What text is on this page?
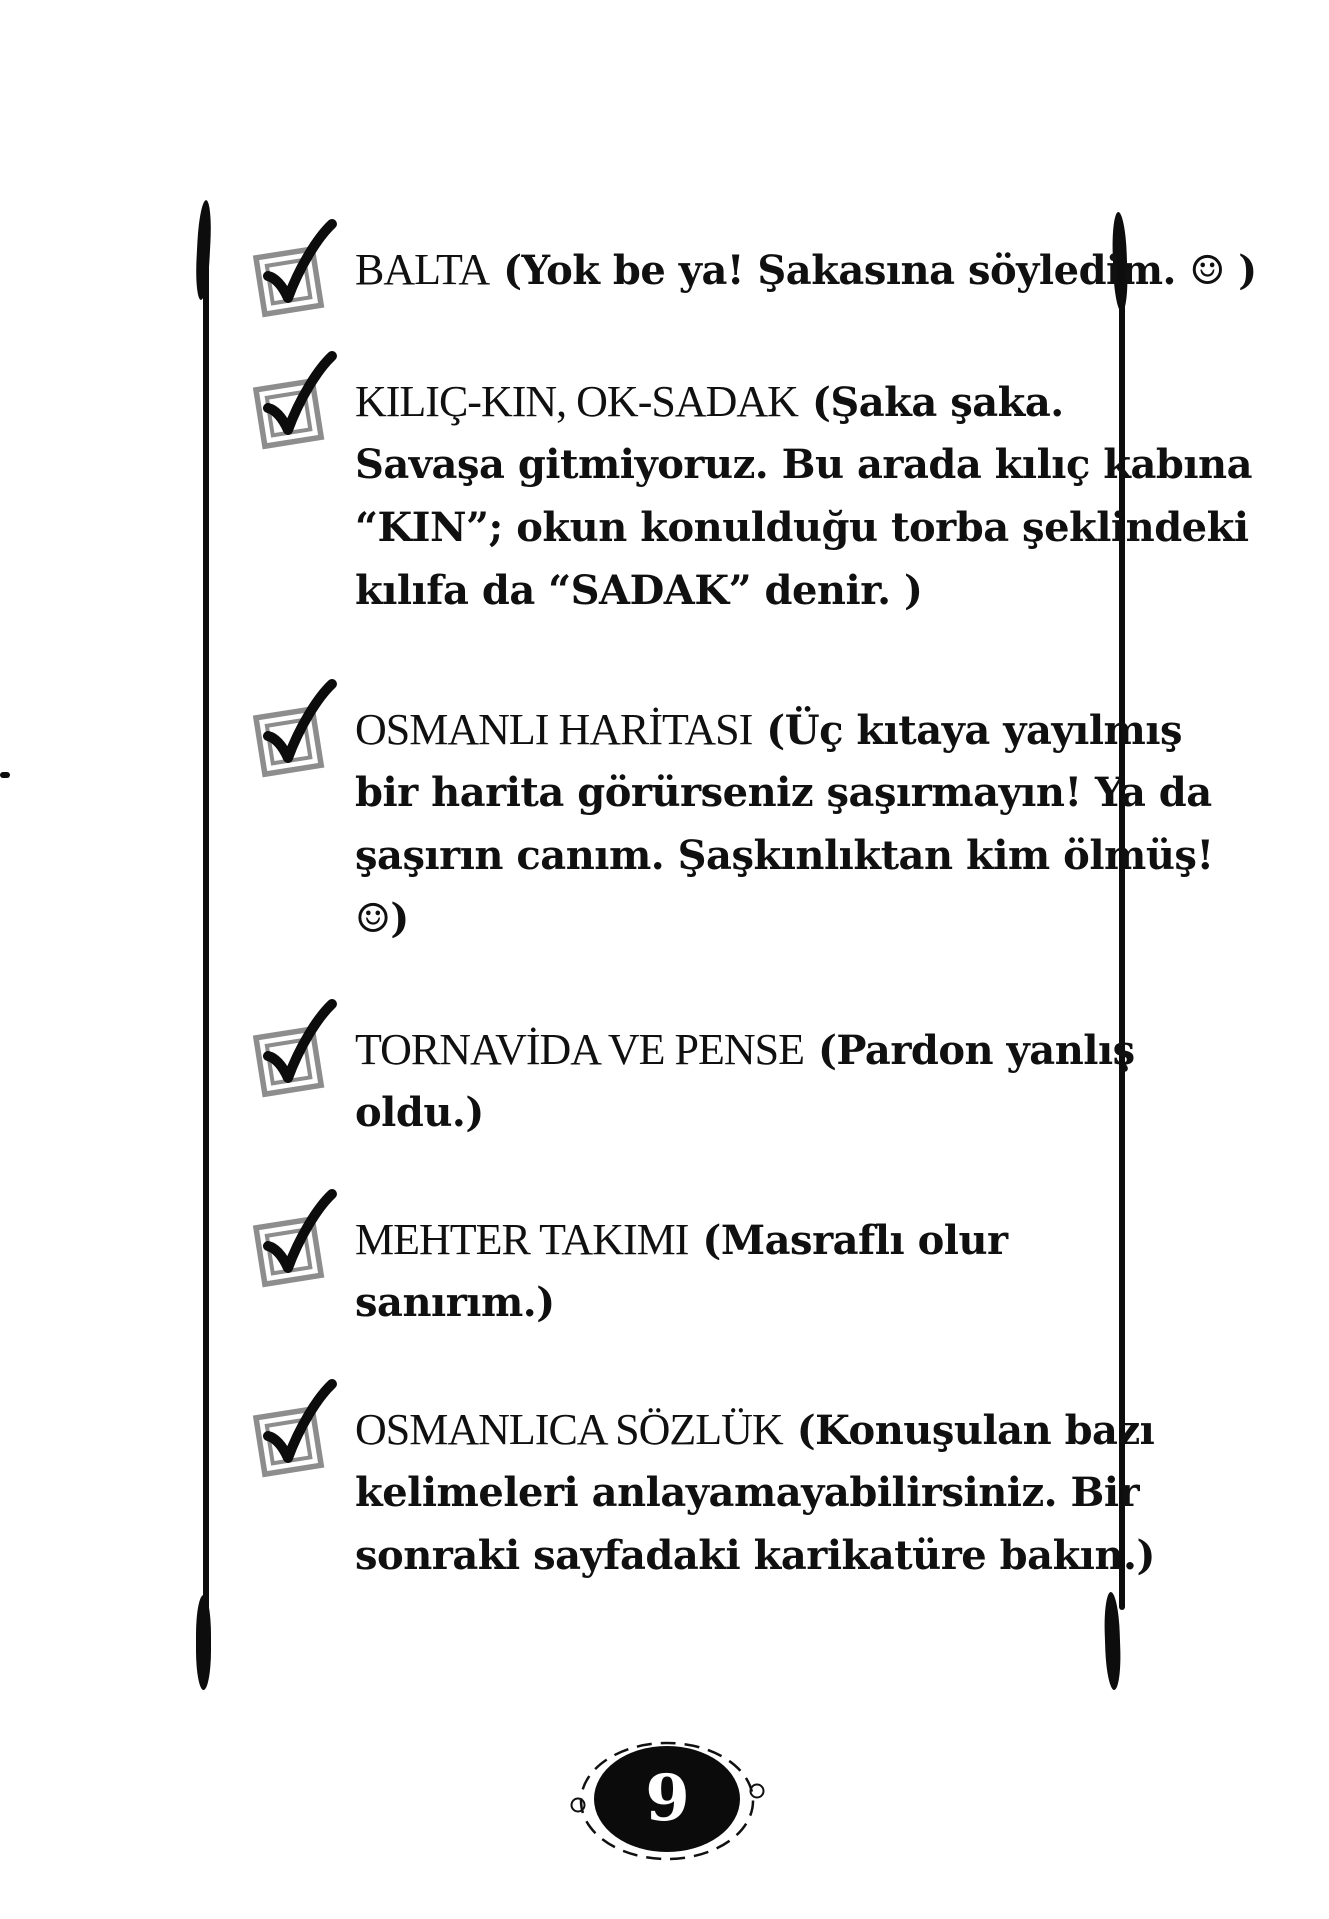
BALTA (Yok be ya! Şakasına söyledim. ☺ )
KILIÇ-KIN, OK-SADAK (Şaka şaka.
Savaşa gitmiyoruz. Bu arada kılıç kabına
“KIN”; okun konulduğu torba şeklindeki
kılıfa da “SADAK” denir. )
OSMANLI HARİTASI (Üç kıtaya yayılmış
bir harita görürseniz şaşırmayın! Ya da
şaşırın canım. Şaşkınlıktan kim ölmüş!
☺)
TORNAVİDA VE PENSE (Pardon yanlış
oldu.)
MEHTER TAKIMI (Masraflı olur
sanırım.)
OSMANLICA SÖZLÜK (Konuşulan bazı
kelimeleri anlayamayabilirsiniz. Bir
sonraki sayfadaki karikatüre bakın.)
9
